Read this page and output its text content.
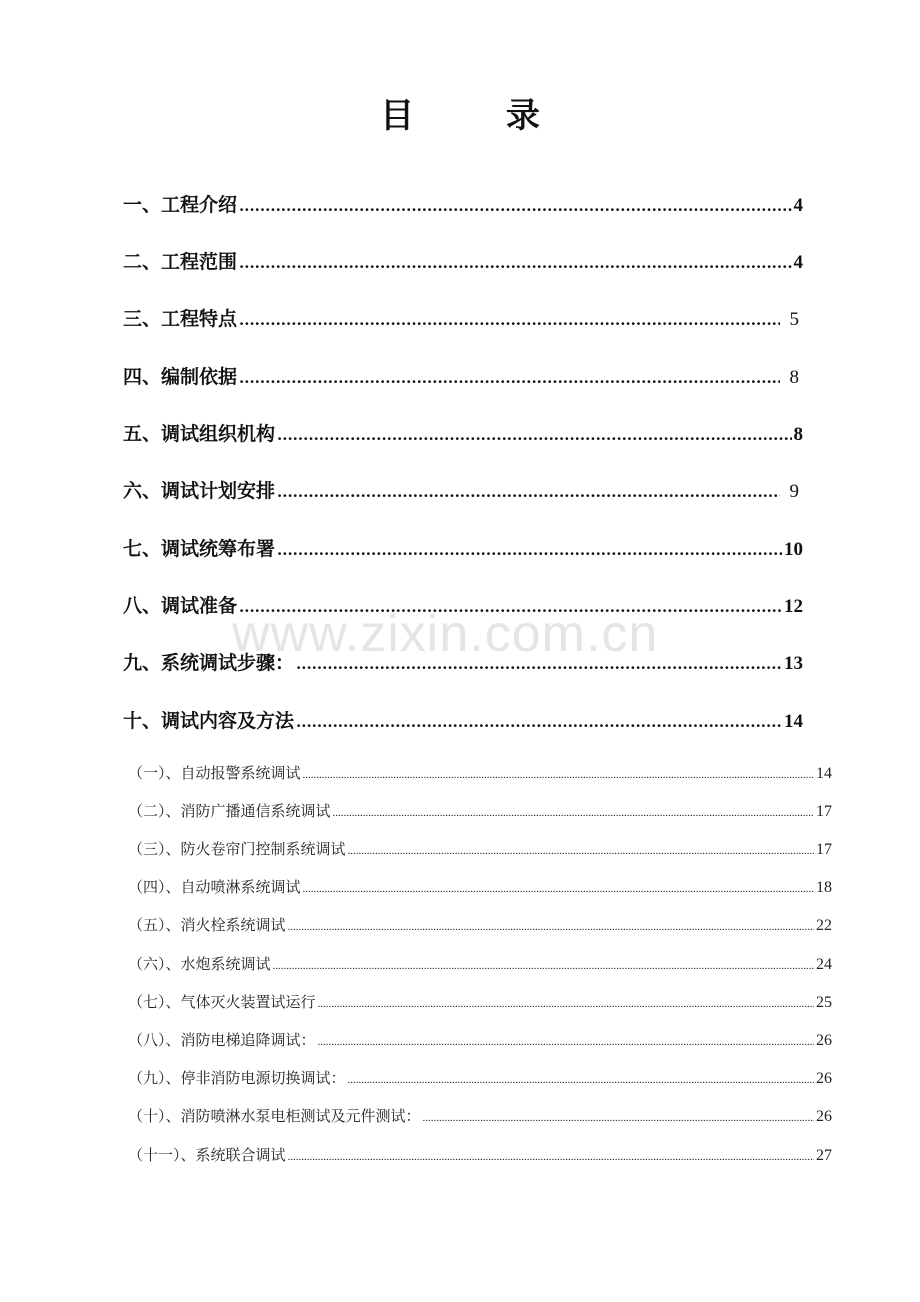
目 录
一、工程介绍 .....	4
二、工程范围 .....	4
三、工程特点 .....	5
四、编制依据 .....	8
五、调试组织机构 .....	8
六、调试计划安排 .....	9
七、调试统筹布署 .....	10
八、调试准备 .....	12
九、系统调试步骤： .....	13
十、调试内容及方法 .....	14
（一）、自动报警系统调试 .....	14
（二）、消防广播通信系统调试 .....	17
（三）、防火卷帘门控制系统调试 .....	17
（四）、自动喷淋系统调试 .....	18
（五）、消火栓系统调试 .....	22
（六）、水炮系统调试 .....	24
（七）、气体灭火装置试运行 .....	25
（八）、消防电梯追降调试： .....	26
（九）、停非消防电源切换调试： .....	26
（十）、消防喷淋水泵电柜测试及元件测试： .....	26
（十一）、系统联合调试 .....	27
www.zixin.com.cn
